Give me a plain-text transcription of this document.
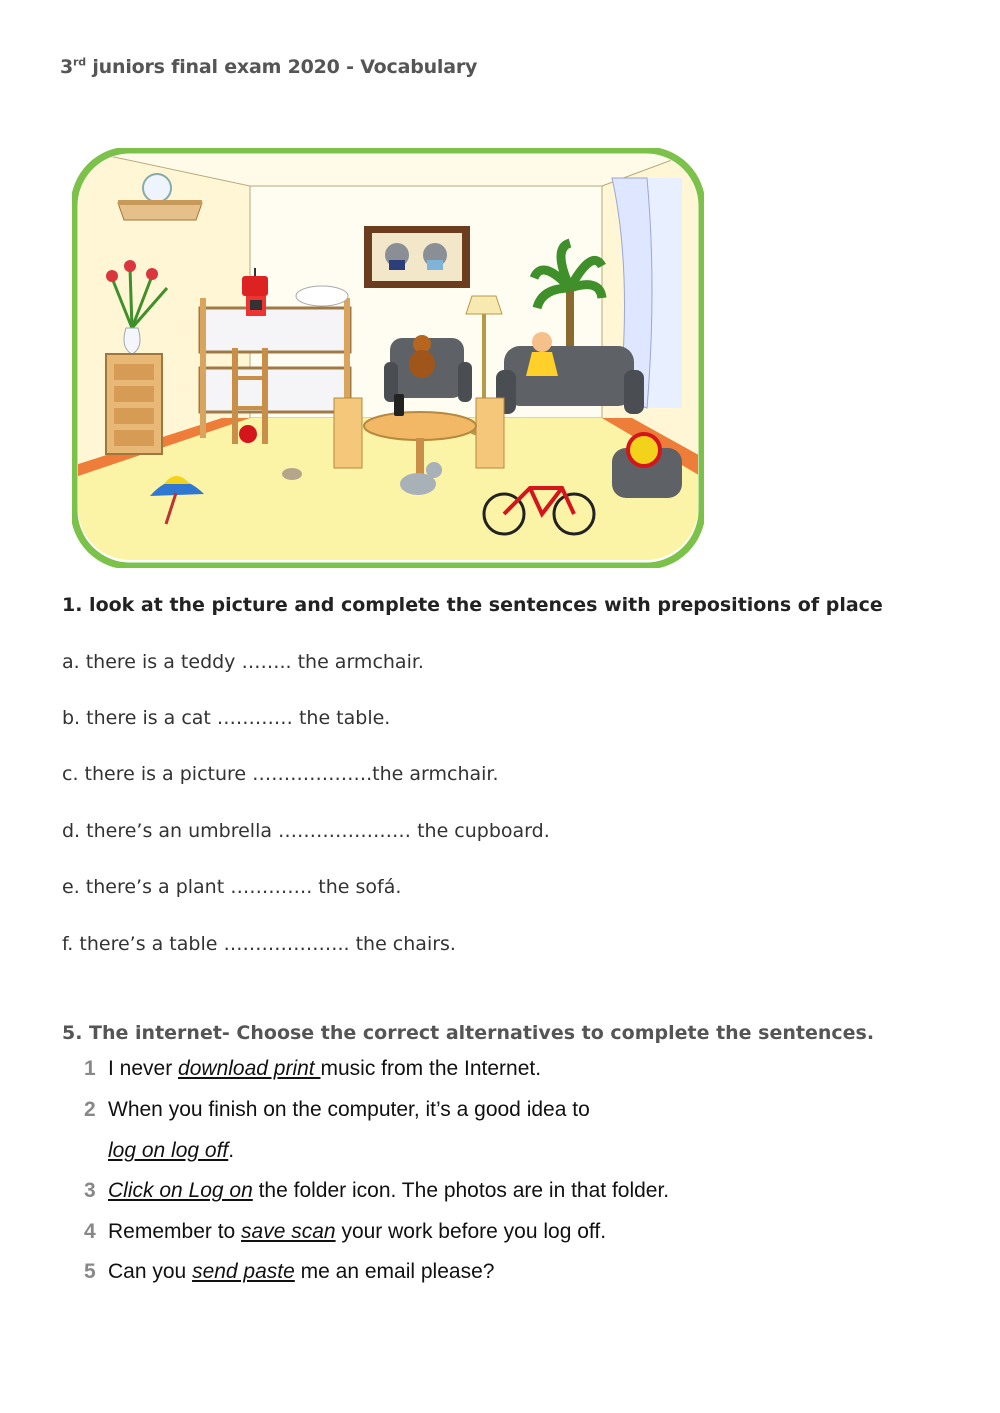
3rd juniors final exam 2020 - Vocabulary
1. look at the picture and complete the sentences with prepositions of place
a. there is a teddy …….. the armchair.
b. there is a cat ………… the table.
c. there is a picture ……………….the armchair.
d. there’s an umbrella ………………… the cupboard.
e. there’s a plant …………. the sofá.
f. there’s a table ……………….. the chairs.
5. The internet- Choose the correct alternatives to complete the sentences.
1 I never download print music from the Internet.
2 When you finish on the computer, it’s a good idea to
log on log off.
3 Click on Log on the folder icon. The photos are in that folder.
4 Remember to save scan your work before you log off.
5 Can you send paste me an email please?
